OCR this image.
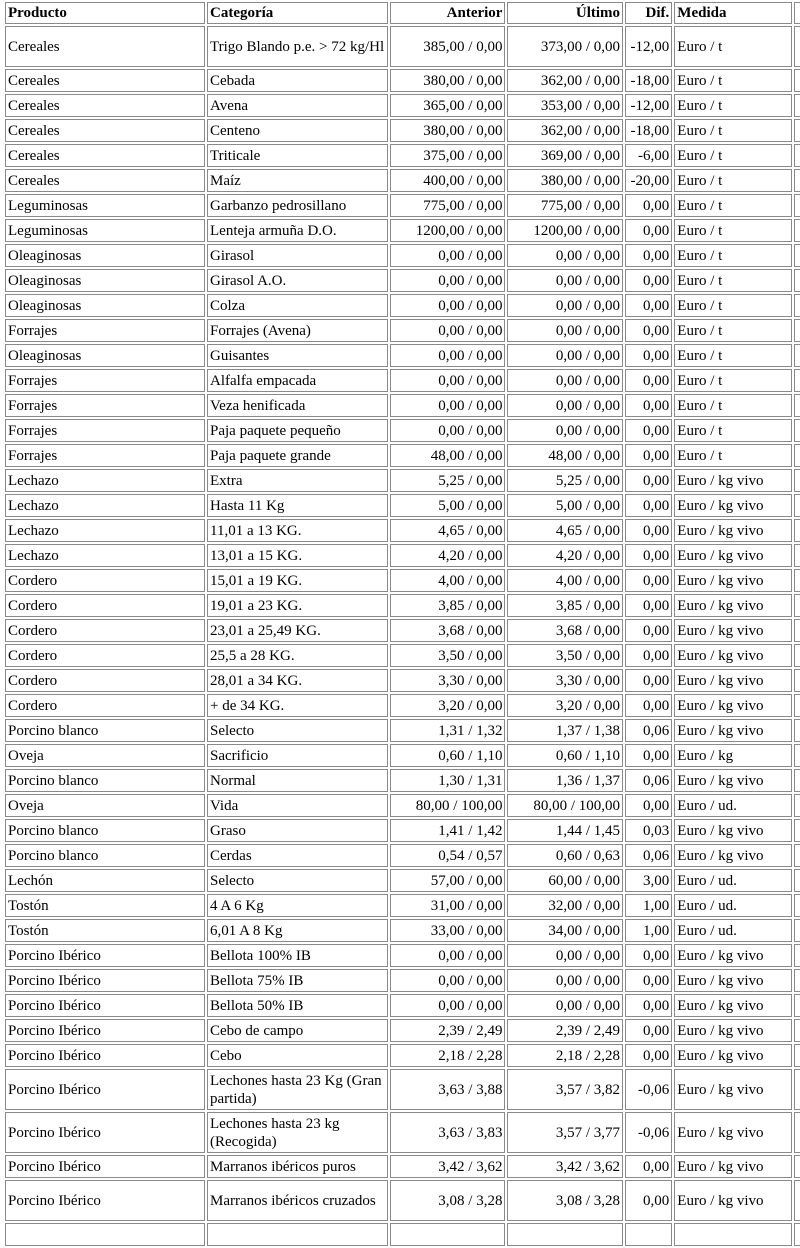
Producto	Categoría	Anterior	Último	Dif.	Medida	
Cereales	Trigo Blando p.e. > 72 kg/Hl	385,00 / 0,00	373,00 / 0,00	-12,00	Euro / t	
Cereales	Cebada	380,00 / 0,00	362,00 / 0,00	-18,00	Euro / t	
Cereales	Avena	365,00 / 0,00	353,00 / 0,00	-12,00	Euro / t	
Cereales	Centeno	380,00 / 0,00	362,00 / 0,00	-18,00	Euro / t	
Cereales	Triticale	375,00 / 0,00	369,00 / 0,00	-6,00	Euro / t	
Cereales	Maíz	400,00 / 0,00	380,00 / 0,00	-20,00	Euro / t	
Leguminosas	Garbanzo pedrosillano	775,00 / 0,00	775,00 / 0,00	0,00	Euro / t	
Leguminosas	Lenteja armuña D.O.	1200,00 / 0,00	1200,00 / 0,00	0,00	Euro / t	
Oleaginosas	Girasol	0,00 / 0,00	0,00 / 0,00	0,00	Euro / t	
Oleaginosas	Girasol A.O.	0,00 / 0,00	0,00 / 0,00	0,00	Euro / t	
Oleaginosas	Colza	0,00 / 0,00	0,00 / 0,00	0,00	Euro / t	
Forrajes	Forrajes (Avena)	0,00 / 0,00	0,00 / 0,00	0,00	Euro / t	
Oleaginosas	Guisantes	0,00 / 0,00	0,00 / 0,00	0,00	Euro / t	
Forrajes	Alfalfa empacada	0,00 / 0,00	0,00 / 0,00	0,00	Euro / t	
Forrajes	Veza henificada	0,00 / 0,00	0,00 / 0,00	0,00	Euro / t	
Forrajes	Paja paquete pequeño	0,00 / 0,00	0,00 / 0,00	0,00	Euro / t	
Forrajes	Paja paquete grande	48,00 / 0,00	48,00 / 0,00	0,00	Euro / t	
Lechazo	Extra	5,25 / 0,00	5,25 / 0,00	0,00	Euro / kg vivo	
Lechazo	Hasta 11 Kg	5,00 / 0,00	5,00 / 0,00	0,00	Euro / kg vivo	
Lechazo	11,01 a 13 KG.	4,65 / 0,00	4,65 / 0,00	0,00	Euro / kg vivo	
Lechazo	13,01 a 15 KG.	4,20 / 0,00	4,20 / 0,00	0,00	Euro / kg vivo	
Cordero	15,01 a 19 KG.	4,00 / 0,00	4,00 / 0,00	0,00	Euro / kg vivo	
Cordero	19,01 a 23 KG.	3,85 / 0,00	3,85 / 0,00	0,00	Euro / kg vivo	
Cordero	23,01 a 25,49 KG.	3,68 / 0,00	3,68 / 0,00	0,00	Euro / kg vivo	
Cordero	25,5 a 28 KG.	3,50 / 0,00	3,50 / 0,00	0,00	Euro / kg vivo	
Cordero	28,01 a 34 KG.	3,30 / 0,00	3,30 / 0,00	0,00	Euro / kg vivo	
Cordero	+ de 34 KG.	3,20 / 0,00	3,20 / 0,00	0,00	Euro / kg vivo	
Porcino blanco	Selecto	1,31 / 1,32	1,37 / 1,38	0,06	Euro / kg vivo	
Oveja	Sacrificio	0,60 / 1,10	0,60 / 1,10	0,00	Euro / kg	
Porcino blanco	Normal	1,30 / 1,31	1,36 / 1,37	0,06	Euro / kg vivo	
Oveja	Vida	80,00 / 100,00	80,00 / 100,00	0,00	Euro / ud.	
Porcino blanco	Graso	1,41 / 1,42	1,44 / 1,45	0,03	Euro / kg vivo	
Porcino blanco	Cerdas	0,54 / 0,57	0,60 / 0,63	0,06	Euro / kg vivo	
Lechón	Selecto	57,00 / 0,00	60,00 / 0,00	3,00	Euro / ud.	
Tostón	4 A 6 Kg	31,00 / 0,00	32,00 / 0,00	1,00	Euro / ud.	
Tostón	6,01 A 8 Kg	33,00 / 0,00	34,00 / 0,00	1,00	Euro / ud.	
Porcino Ibérico	Bellota 100% IB	0,00 / 0,00	0,00 / 0,00	0,00	Euro / kg vivo	
Porcino Ibérico	Bellota 75% IB	0,00 / 0,00	0,00 / 0,00	0,00	Euro / kg vivo	
Porcino Ibérico	Bellota 50% IB	0,00 / 0,00	0,00 / 0,00	0,00	Euro / kg vivo	
Porcino Ibérico	Cebo de campo	2,39 / 2,49	2,39 / 2,49	0,00	Euro / kg vivo	
Porcino Ibérico	Cebo	2,18 / 2,28	2,18 / 2,28	0,00	Euro / kg vivo	
Porcino Ibérico	Lechones hasta 23 Kg (Gran partida)	3,63 / 3,88	3,57 / 3,82	-0,06	Euro / kg vivo	
Porcino Ibérico	Lechones hasta 23 kg (Recogida)	3,63 / 3,83	3,57 / 3,77	-0,06	Euro / kg vivo	
Porcino Ibérico	Marranos ibéricos puros	3,42 / 3,62	3,42 / 3,62	0,00	Euro / kg vivo	
Porcino Ibérico	Marranos ibéricos cruzados	3,08 / 3,28	3,08 / 3,28	0,00	Euro / kg vivo	
